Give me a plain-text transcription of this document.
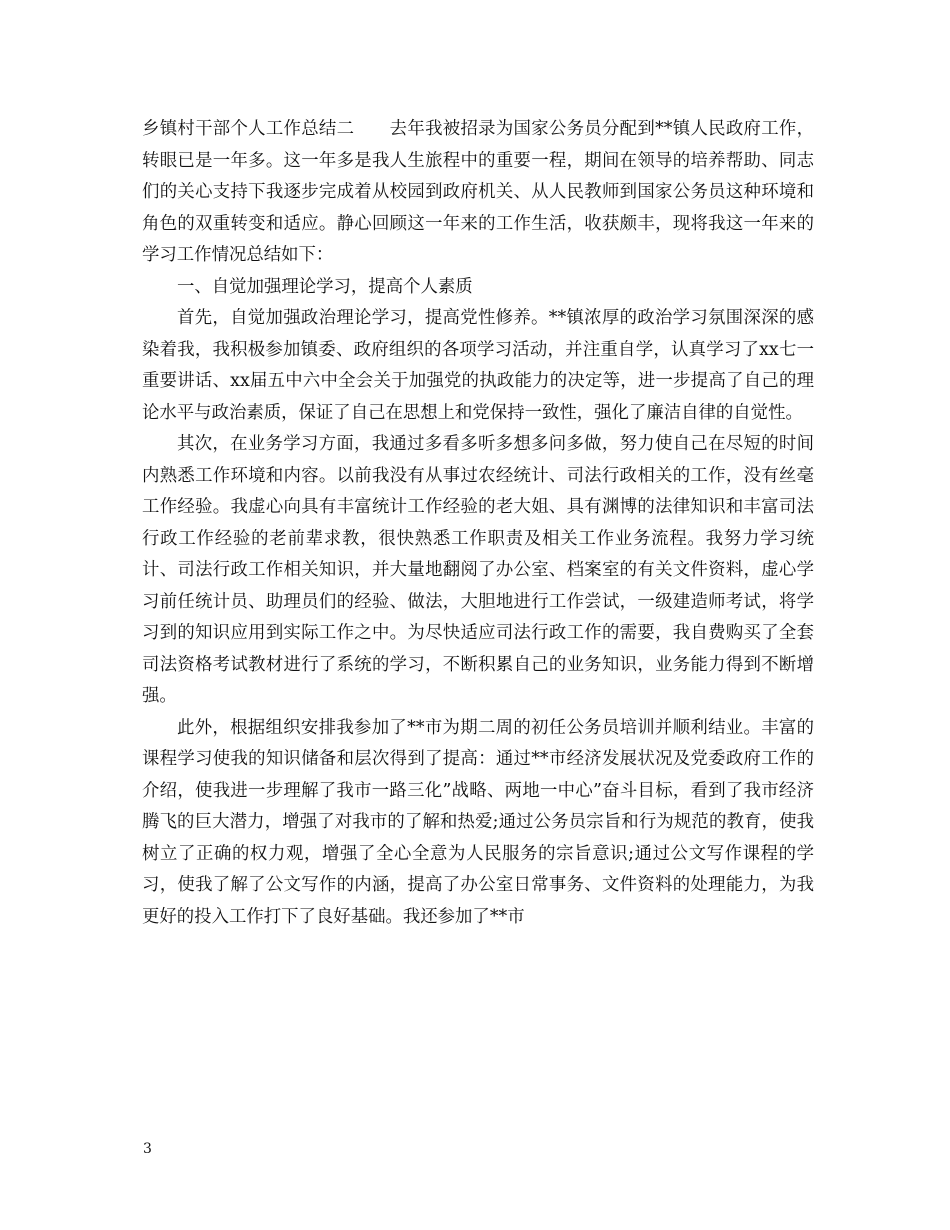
乡镇村干部个人工作总结二　　去年我被招录为国家公务员分配到**镇人民政府工作，转眼已是一年多。这一年多是我人生旅程中的重要一程，期间在领导的培养帮助、同志们的关心支持下我逐步完成着从校园到政府机关、从人民教师到国家公务员这种环境和角色的双重转变和适应。静心回顾这一年来的工作生活，收获颇丰，现将我这一年来的学习工作情况总结如下：

一、自觉加强理论学习，提高个人素质

首先，自觉加强政治理论学习，提高党性修养。**镇浓厚的政治学习氛围深深的感染着我，我积极参加镇委、政府组织的各项学习活动，并注重自学，认真学习了xx七一重要讲话、xx届五中六中全会关于加强党的执政能力的决定等，进一步提高了自己的理论水平与政治素质，保证了自己在思想上和党保持一致性，强化了廉洁自律的自觉性。

其次，在业务学习方面，我通过多看多听多想多问多做，努力使自己在尽短的时间内熟悉工作环境和内容。以前我没有从事过农经统计、司法行政相关的工作，没有丝毫工作经验。我虚心向具有丰富统计工作经验的老大姐、具有渊博的法律知识和丰富司法行政工作经验的老前辈求教，很快熟悉工作职责及相关工作业务流程。我努力学习统计、司法行政工作相关知识，并大量地翻阅了办公室、档案室的有关文件资料，虚心学习前任统计员、助理员们的经验、做法，大胆地进行工作尝试，一级建造师考试，将学习到的知识应用到实际工作之中。为尽快适应司法行政工作的需要，我自费购买了全套司法资格考试教材进行了系统的学习，不断积累自己的业务知识，业务能力得到不断增强。

此外，根据组织安排我参加了**市为期二周的初任公务员培训并顺利结业。丰富的课程学习使我的知识储备和层次得到了提高：通过**市经济发展状况及党委政府工作的介绍，使我进一步理解了我市一路三化”战略、两地一中心”奋斗目标，看到了我市经济腾飞的巨大潜力，增强了对我市的了解和热爱;通过公务员宗旨和行为规范的教育，使我树立了正确的权力观，增强了全心全意为人民服务的宗旨意识;通过公文写作课程的学习，使我了解了公文写作的内涵，提高了办公室日常事务、文件资料的处理能力，为我更好的投入工作打下了良好基础。我还参加了**市

3
